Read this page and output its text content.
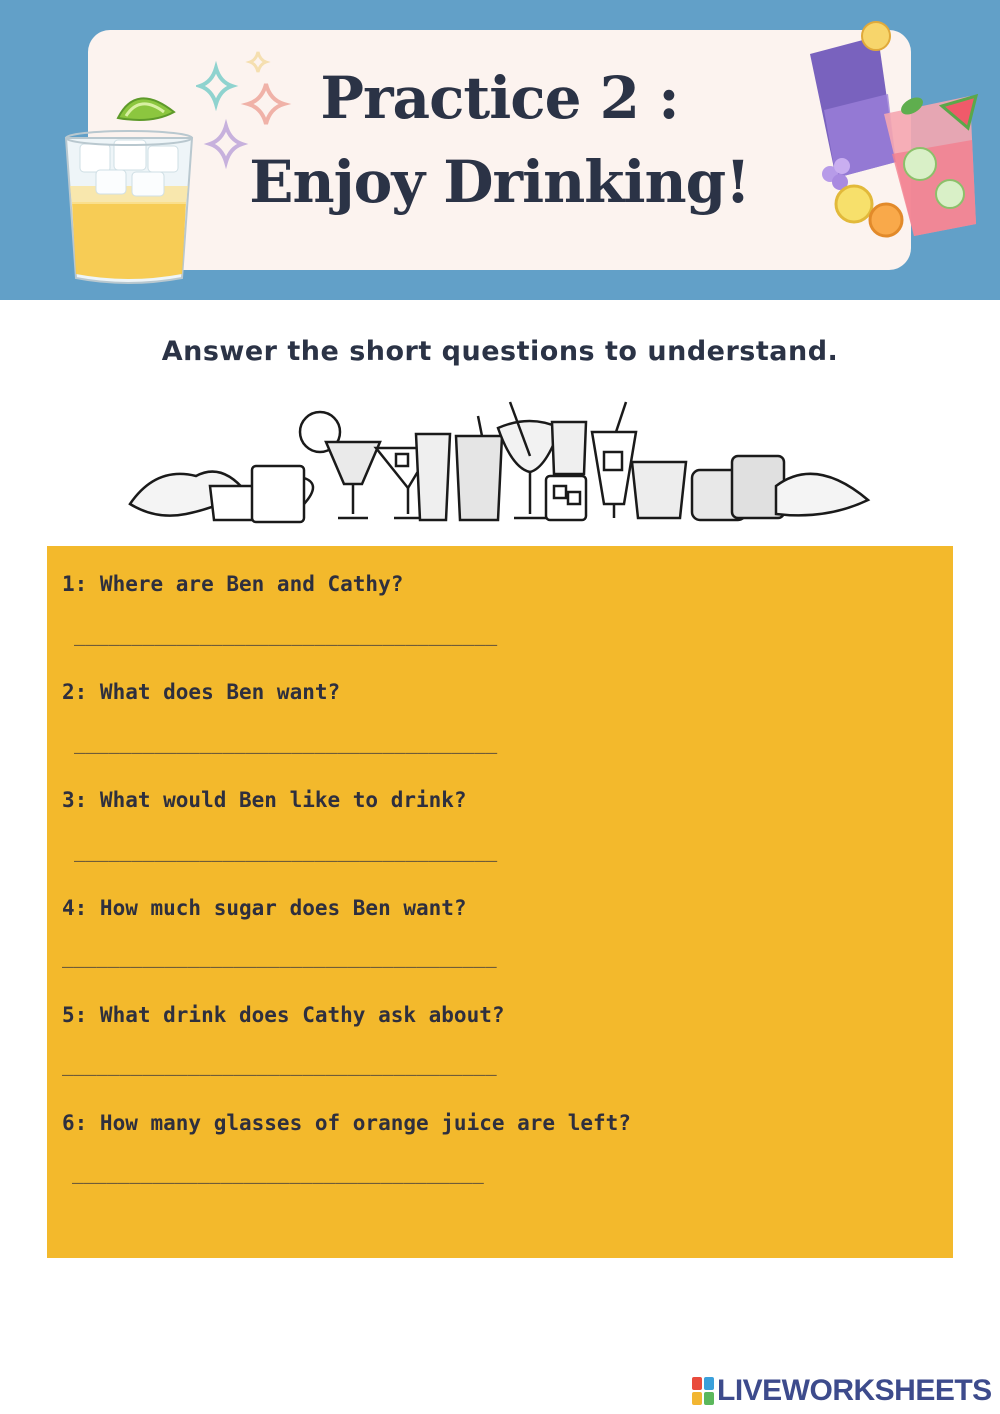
Practice 2 :
Enjoy Drinking!
Answer the short questions to understand.
1: Where are Ben and Cathy?
_____________________________________
2: What does Ben want?
_____________________________________
3: What would Ben like to drink?
_____________________________________
4: How much sugar does Ben want?
______________________________________
5: What drink does Cathy ask about?
______________________________________
6: How many glasses of orange juice are left?
____________________________________
LIVEWORKSHEETS
